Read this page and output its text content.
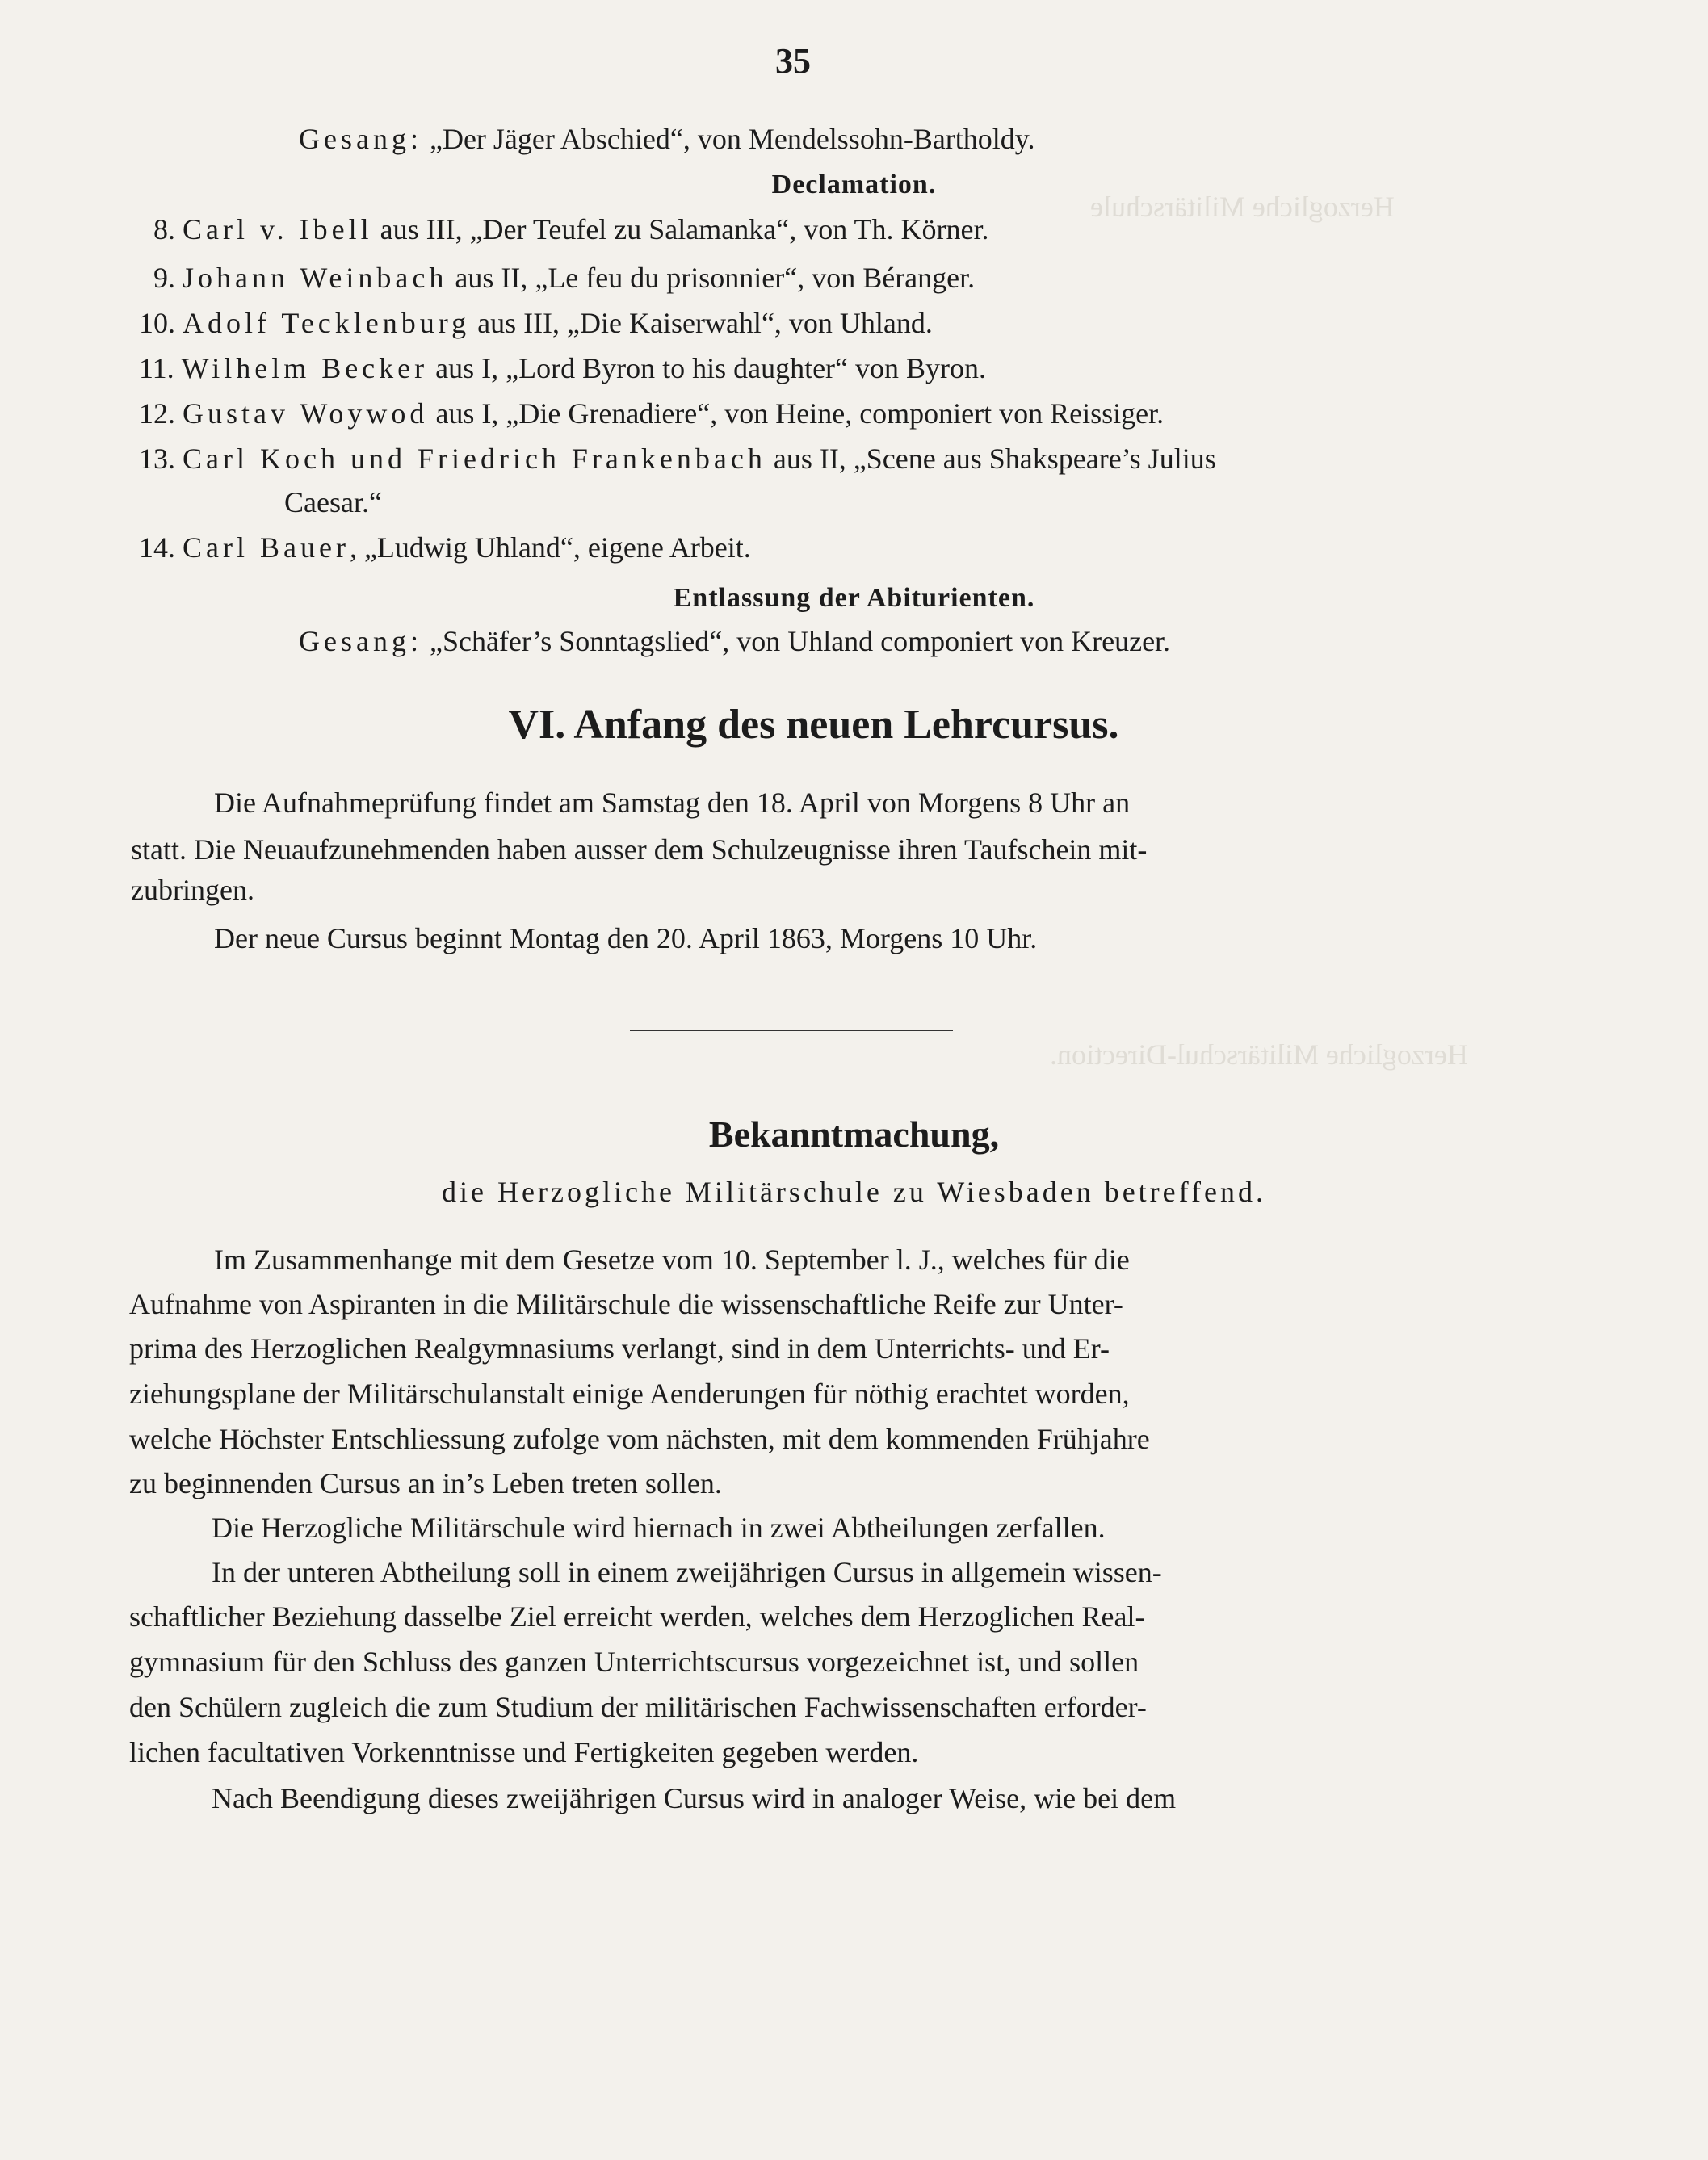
Herzogliche Militärschule
Herzogliche Militärschul-Direction.
35
Gesang: „Der Jäger Abschied“, von Mendelssohn-Bartholdy.
Declamation.
8. Carl v. Ibell aus III, „Der Teufel zu Salamanka“, von Th. Körner.
9. Johann Weinbach aus II, „Le feu du prisonnier“, von Béranger.
10. Adolf Tecklenburg aus III, „Die Kaiserwahl“, von Uhland.
11. Wilhelm Becker aus I, „Lord Byron to his daughter“ von Byron.
12. Gustav Woywod aus I, „Die Grenadiere“, von Heine, componiert von Reissiger.
13. Carl Koch und Friedrich Frankenbach aus II, „Scene aus Shakspeare’s Julius
Caesar.“
14. Carl Bauer, „Ludwig Uhland“, eigene Arbeit.
Entlassung der Abiturienten.
Gesang: „Schäfer’s Sonntagslied“, von Uhland componiert von Kreuzer.
VI. Anfang des neuen Lehrcursus.
Die Aufnahmeprüfung findet am Samstag den 18. April von Morgens 8 Uhr an
statt. Die Neuaufzunehmenden haben ausser dem Schulzeugnisse ihren Taufschein mit-
zubringen.
Der neue Cursus beginnt Montag den 20. April 1863, Morgens 10 Uhr.
Bekanntmachung,
die Herzogliche Militärschule zu Wiesbaden betreffend.
Im Zusammenhange mit dem Gesetze vom 10. September l. J., welches für die
Aufnahme von Aspiranten in die Militärschule die wissenschaftliche Reife zur Unter-
prima des Herzoglichen Realgymnasiums verlangt, sind in dem Unterrichts- und Er-
ziehungsplane der Militärschulanstalt einige Aenderungen für nöthig erachtet worden,
welche Höchster Entschliessung zufolge vom nächsten, mit dem kommenden Frühjahre
zu beginnenden Cursus an in’s Leben treten sollen.
Die Herzogliche Militärschule wird hiernach in zwei Abtheilungen zerfallen.
In der unteren Abtheilung soll in einem zweijährigen Cursus in allgemein wissen-
schaftlicher Beziehung dasselbe Ziel erreicht werden, welches dem Herzoglichen Real-
gymnasium für den Schluss des ganzen Unterrichtscursus vorgezeichnet ist, und sollen
den Schülern zugleich die zum Studium der militärischen Fachwissenschaften erforder-
lichen facultativen Vorkenntnisse und Fertigkeiten gegeben werden.
Nach Beendigung dieses zweijährigen Cursus wird in analoger Weise, wie bei dem
